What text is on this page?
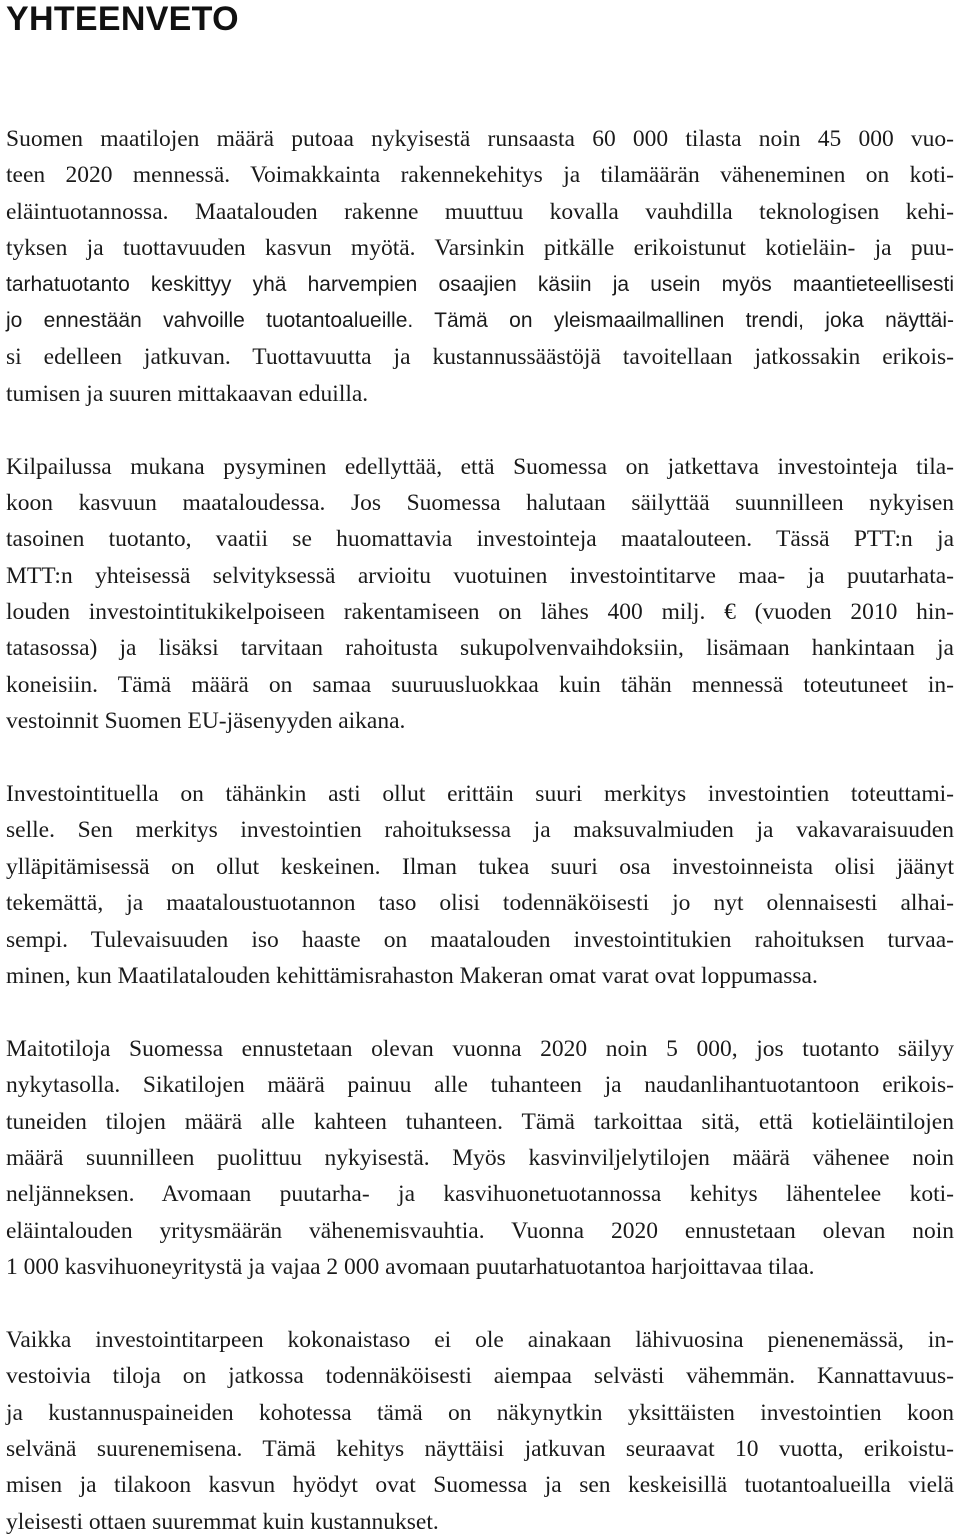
YHTEENVETO
Suomen maatilojen määrä putoaa nykyisestä runsaasta 60 000 tilasta noin 45 000 vuo-
teen 2020 mennessä. Voimakkainta rakennekehitys ja tilamäärän väheneminen on koti-
eläintuotannossa. Maatalouden rakenne muuttuu kovalla vauhdilla teknologisen kehi-
tyksen ja tuottavuuden kasvun myötä. Varsinkin pitkälle erikoistunut kotieläin- ja puu-
tarhatuotanto keskittyy yhä harvempien osaajien käsiin ja usein myös maantieteellisesti
jo ennestään vahvoille tuotantoalueille. Tämä on yleismaailmallinen trendi, joka näyttäi-
si edelleen jatkuvan. Tuottavuutta ja kustannussäästöjä tavoitellaan jatkossakin erikois-
tumisen ja suuren mittakaavan eduilla.
Kilpailussa mukana pysyminen edellyttää, että Suomessa on jatkettava investointeja tila-
koon kasvuun maataloudessa. Jos Suomessa halutaan säilyttää suunnilleen nykyisen
tasoinen tuotanto, vaatii se huomattavia investointeja maatalouteen. Tässä PTT:n ja
MTT:n yhteisessä selvityksessä arvioitu vuotuinen investointitarve maa- ja puutarhata-
louden investointitukikelpoiseen rakentamiseen on lähes 400 milj. € (vuoden 2010 hin-
tatasossa) ja lisäksi tarvitaan rahoitusta sukupolvenvaihdoksiin, lisämaan hankintaan ja
koneisiin. Tämä määrä on samaa suuruusluokkaa kuin tähän mennessä toteutuneet in-
vestoinnit Suomen EU-jäsenyyden aikana.
Investointituella on tähänkin asti ollut erittäin suuri merkitys investointien toteuttami-
selle. Sen merkitys investointien rahoituksessa ja maksuvalmiuden ja vakavaraisuuden
ylläpitämisessä on ollut keskeinen. Ilman tukea suuri osa investoinneista olisi jäänyt
tekemättä, ja maataloustuotannon taso olisi todennäköisesti jo nyt olennaisesti alhai-
sempi. Tulevaisuuden iso haaste on maatalouden investointitukien rahoituksen turvaa-
minen, kun Maatilatalouden kehittämisrahaston Makeran omat varat ovat loppumassa.
Maitotiloja Suomessa ennustetaan olevan vuonna 2020 noin 5 000, jos tuotanto säilyy
nykytasolla. Sikatilojen määrä painuu alle tuhanteen ja naudanlihantuotantoon erikois-
tuneiden tilojen määrä alle kahteen tuhanteen. Tämä tarkoittaa sitä, että kotieläintilojen
määrä suunnilleen puolittuu nykyisestä. Myös kasvinviljelytilojen määrä vähenee noin
neljänneksen. Avomaan puutarha- ja kasvihuonetuotannossa kehitys lähentelee koti-
eläintalouden yritysmäärän vähenemisvauhtia. Vuonna 2020 ennustetaan olevan noin
1 000 kasvihuoneyritystä ja vajaa 2 000 avomaan puutarhatuotantoa harjoittavaa tilaa.
Vaikka investointitarpeen kokonaistaso ei ole ainakaan lähivuosina pienenemässä, in-
vestoivia tiloja on jatkossa todennäköisesti aiempaa selvästi vähemmän. Kannattavuus-
ja kustannuspaineiden kohotessa tämä on näkynytkin yksittäisten investointien koon
selvänä suurenemisena. Tämä kehitys näyttäisi jatkuvan seuraavat 10 vuotta, erikoistu-
misen ja tilakoon kasvun hyödyt ovat Suomessa ja sen keskeisillä tuotantoalueilla vielä
yleisesti ottaen suuremmat kuin kustannukset.
